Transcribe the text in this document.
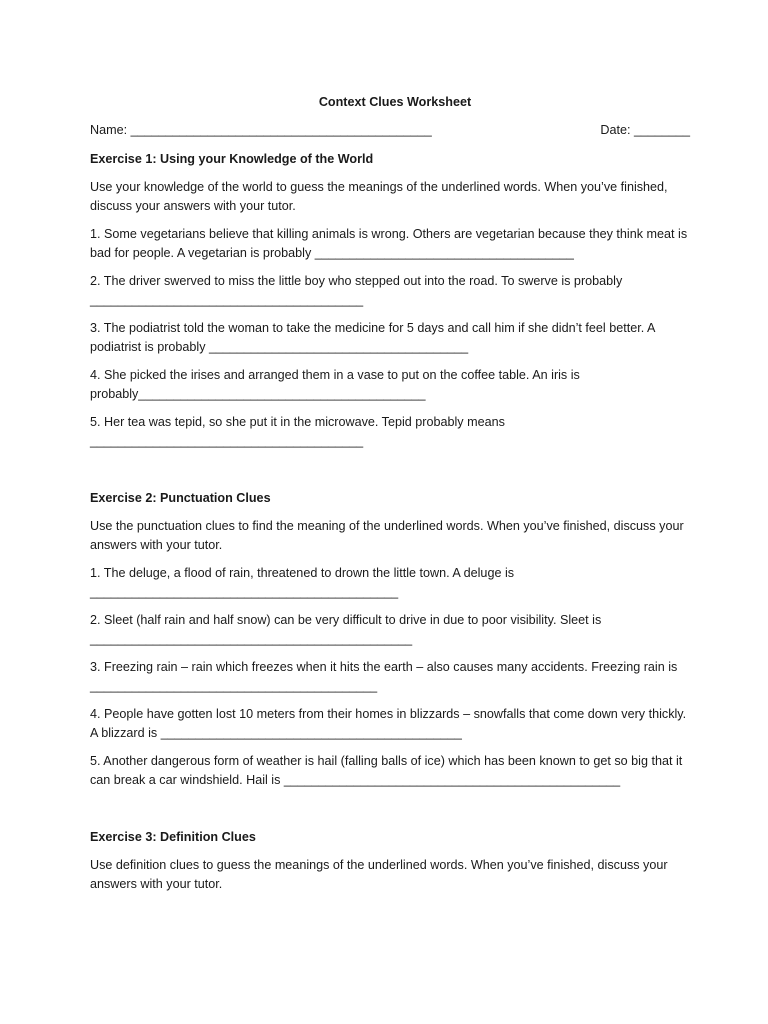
Context Clues Worksheet
Name: ___________________________________________	Date: ________
Exercise 1: Using your Knowledge of the World

Use your knowledge of the world to guess the meanings of the underlined words. When you’ve finished, discuss your answers with your tutor.

1. Some vegetarians believe that killing animals is wrong. Others are vegetarian because they think meat is bad for people. A vegetarian is probably _____________________________________

2. The driver swerved to miss the little boy who stepped out into the road. To swerve is probably _______________________________________

3. The podiatrist told the woman to take the medicine for 5 days and call him if she didn’t feel better. A podiatrist is probably _____________________________________

4. She picked the irises and arranged them in a vase to put on the coffee table. An iris is probably_________________________________________

5. Her tea was tepid, so she put it in the microwave. Tepid probably means _______________________________________

Exercise 2: Punctuation Clues

Use the punctuation clues to find the meaning of the underlined words. When you’ve finished, discuss your answers with your tutor.

1. The deluge, a flood of rain, threatened to drown the little town. A deluge is ____________________________________________

2. Sleet (half rain and half snow) can be very difficult to drive in due to poor visibility. Sleet is ______________________________________________

3. Freezing rain – rain which freezes when it hits the earth – also causes many accidents. Freezing rain is _________________________________________

4. People have gotten lost 10 meters from their homes in blizzards – snowfalls that come down very thickly. A blizzard is ___________________________________________

5. Another dangerous form of weather is hail (falling balls of ice) which has been known to get so big that it can break a car windshield. Hail is ________________________________________________

Exercise 3: Definition Clues

Use definition clues to guess the meanings of the underlined words. When you’ve finished, discuss your answers with your tutor.
